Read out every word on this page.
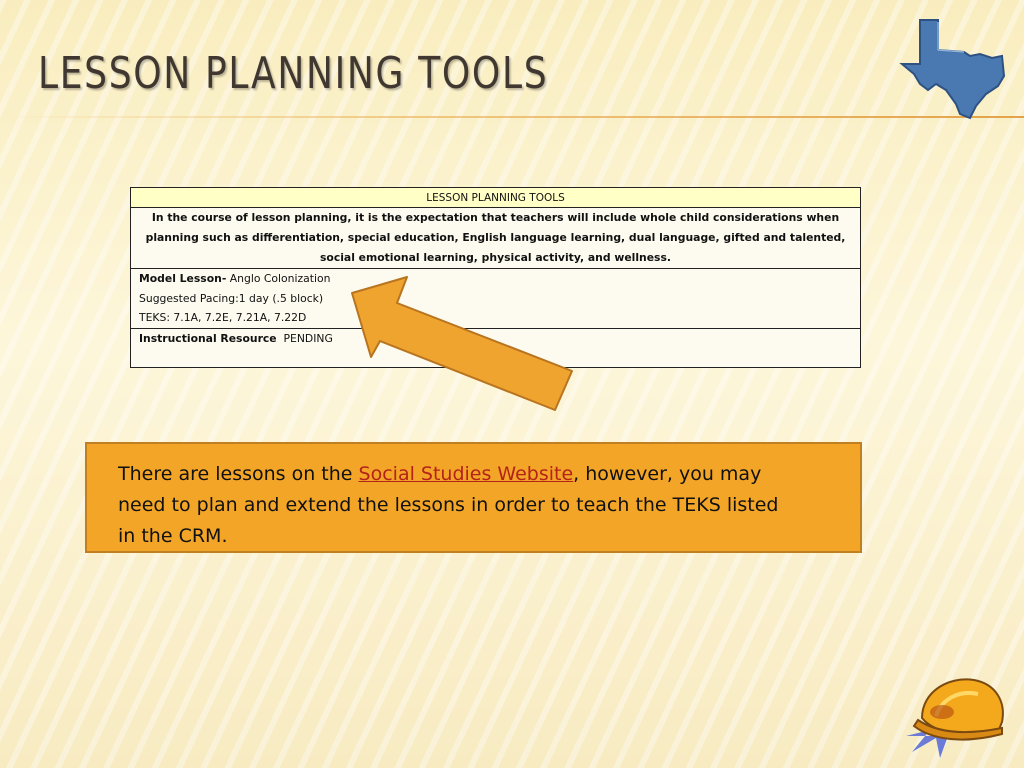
LESSON PLANNING TOOLS
LESSON PLANNING TOOLS
In the course of lesson planning, it is the expectation that teachers will include whole child considerations when planning such as differentiation, special education, English language learning, dual language, gifted and talented, social emotional learning, physical activity, and wellness.

Model Lesson- Anglo Colonization
Suggested Pacing:1 day (.5 block)
TEKS: 7.1A, 7.2E, 7.21A, 7.22D

Instructional Resource  PENDING
There are lessons on the Social Studies Website, however, you may need to plan and extend the lessons in order to teach the TEKS listed in the CRM.
